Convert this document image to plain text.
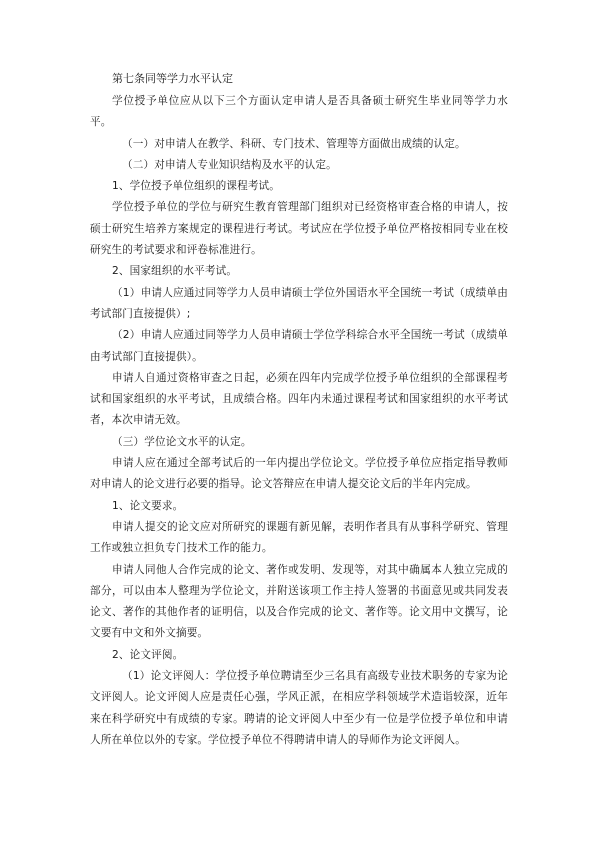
第七条同等学力水平认定

学位授予单位应从以下三个方面认定申请人是否具备硕士研究生毕业同等学力水平。

（一）对申请人在教学、科研、专门技术、管理等方面做出成绩的认定。

（二）对申请人专业知识结构及水平的认定。

1、学位授予单位组织的课程考试。

学位授予单位的学位与研究生教育管理部门组织对已经资格审查合格的申请人，按硕士研究生培养方案规定的课程进行考试。考试应在学位授予单位严格按相同专业在校研究生的考试要求和评卷标准进行。

2、国家组织的水平考试。

（1）申请人应通过同等学力人员申请硕士学位外国语水平全国统一考试（成绩单由考试部门直接提供）;

（2）申请人应通过同等学力人员申请硕士学位学科综合水平全国统一考试（成绩单由考试部门直接提供）。

申请人自通过资格审查之日起，必须在四年内完成学位授予单位组织的全部课程考试和国家组织的水平考试，且成绩合格。四年内未通过课程考试和国家组织的水平考试者，本次申请无效。

（三）学位论文水平的认定。

申请人应在通过全部考试后的一年内提出学位论文。学位授予单位应指定指导教师对申请人的论文进行必要的指导。论文答辩应在申请人提交论文后的半年内完成。

1、论文要求。

申请人提交的论文应对所研究的课题有新见解，表明作者具有从事科学研究、管理工作或独立担负专门技术工作的能力。

申请人同他人合作完成的论文、著作或发明、发现等，对其中确属本人独立完成的部分，可以由本人整理为学位论文，并附送该项工作主持人签署的书面意见或共同发表论文、著作的其他作者的证明信，以及合作完成的论文、著作等。论文用中文撰写，论文要有中文和外文摘要。

2、论文评阅。

（1）论文评阅人：学位授予单位聘请至少三名具有高级专业技术职务的专家为论文评阅人。论文评阅人应是责任心强，学风正派，在相应学科领域学术造诣较深，近年来在科学研究中有成绩的专家。聘请的论文评阅人中至少有一位是学位授予单位和申请人所在单位以外的专家。学位授予单位不得聘请申请人的导师作为论文评阅人。
